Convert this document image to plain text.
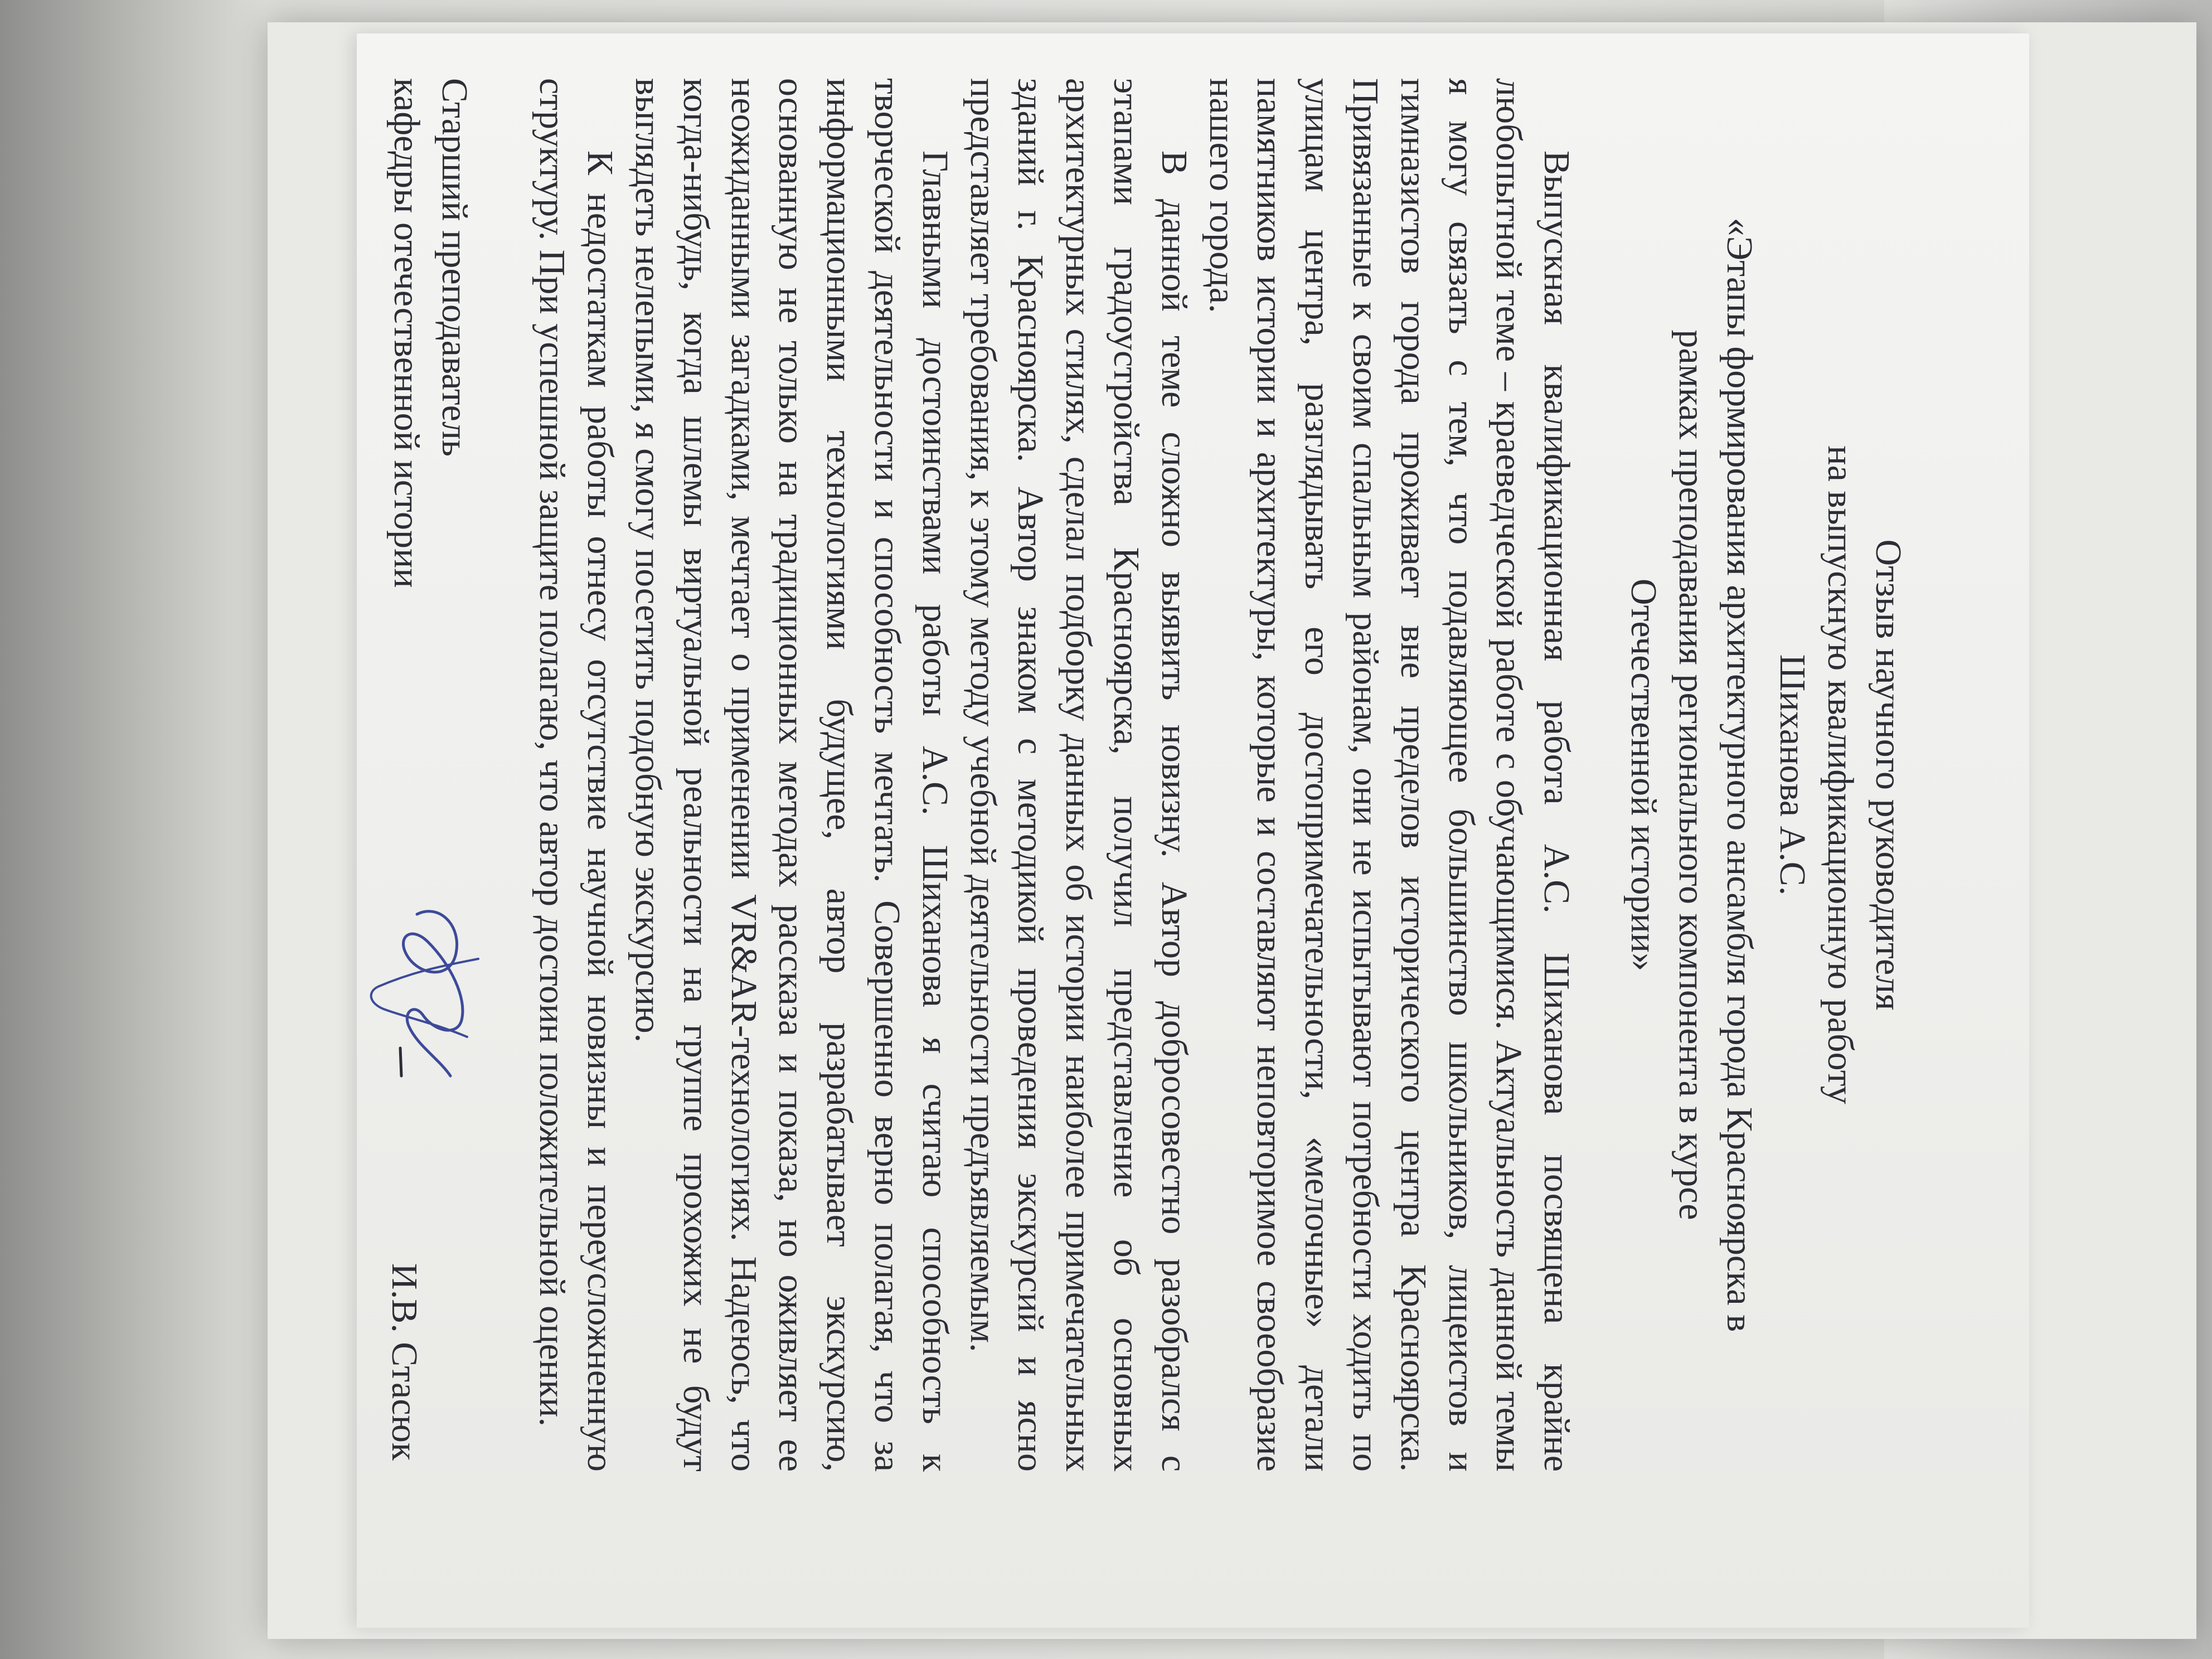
Отзыв научного руководителя
на выпускную квалификационную работу
Шиханова А.С.
«Этапы формирования архитектурного ансамбля города Красноярска в
рамках преподавания регионального компонента в курсе
Отечественной истории»

Выпускная квалификационная работа А.С. Шиханова посвящена крайне любопытной теме – краеведческой работе с обучающимися. Актуальность данной темы я могу связать с тем, что подавляющее большинство школьников, лицеистов и гимназистов города проживает вне пределов исторического центра Красноярска. Привязанные к своим спальным районам, они не испытывают потребности ходить по улицам центра, разглядывать его достопримечательности, «мелочные» детали памятников истории и архитектуры, которые и составляют неповторимое своеобразие нашего города.

В данной теме сложно выявить новизну. Автор добросовестно разобрался с этапами градоустройства Красноярска, получил представление об основных архитектурных стилях, сделал подборку данных об истории наиболее примечательных зданий г. Красноярска. Автор знаком с методикой проведения экскурсий и ясно представляет требования, к этому методу учебной деятельности предъявляемым.

Главными достоинствами работы А.С. Шиханова я считаю способность к творческой деятельности и способность мечтать. Совершенно верно полагая, что за информационными технологиями будущее, автор разрабатывает экскурсию, основанную не только на традиционных методах рассказа и показа, но оживляет ее неожиданными загадками, мечтает о применении VR&AR-технологиях. Надеюсь, что когда-нибудь, когда шлемы виртуальной реальности на группе прохожих не будут выглядеть нелепыми, я смогу посетить подобную экскурсию.

К недостаткам работы отнесу отсутствие научной новизны и переусложненную структуру. При успешной защите полагаю, что автор достоин положительной оценки.

Старший преподаватель
кафедры отечественной истории
И.В. Стасюк
